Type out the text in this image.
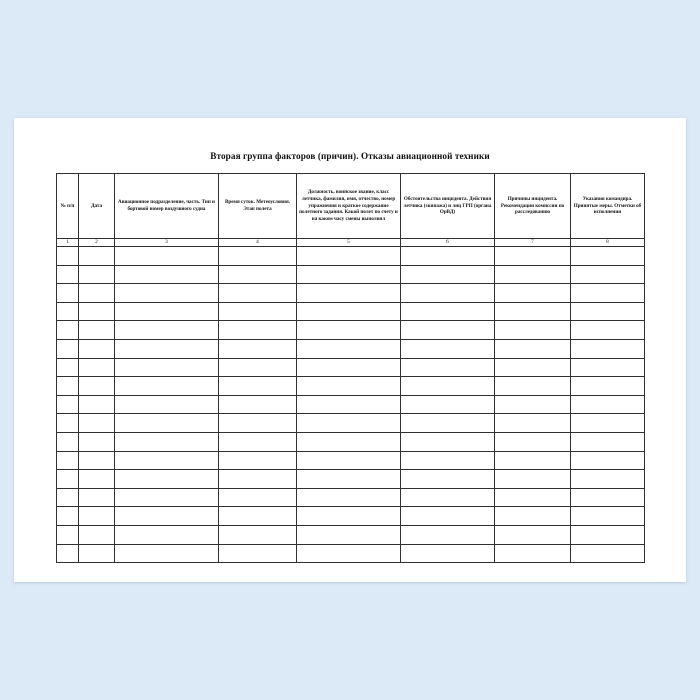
Вторая группа факторов (причин). Отказы авиационной техники
№ п/п	Дата	Авиационное подразделение, часть. Тип и бортовой номер воздушного судна	Время суток. Метеоусловия. Этап полета	Должность, воинское звание, класс летчика, фамилия, имя, отчество, номер упражнения и краткое содержание полетного задания. Какой полет по счету и на каком часу смены выполнял	Обстоятельства инцидента. Действия летчика (экипажа) и лиц ГРП (органа ОрВД)	Причины инцидента. Рекомендации комиссии по расследованию	Указания командира. Принятые меры. Отметки об исполнении

1	2	3	4	5	6	7	8
